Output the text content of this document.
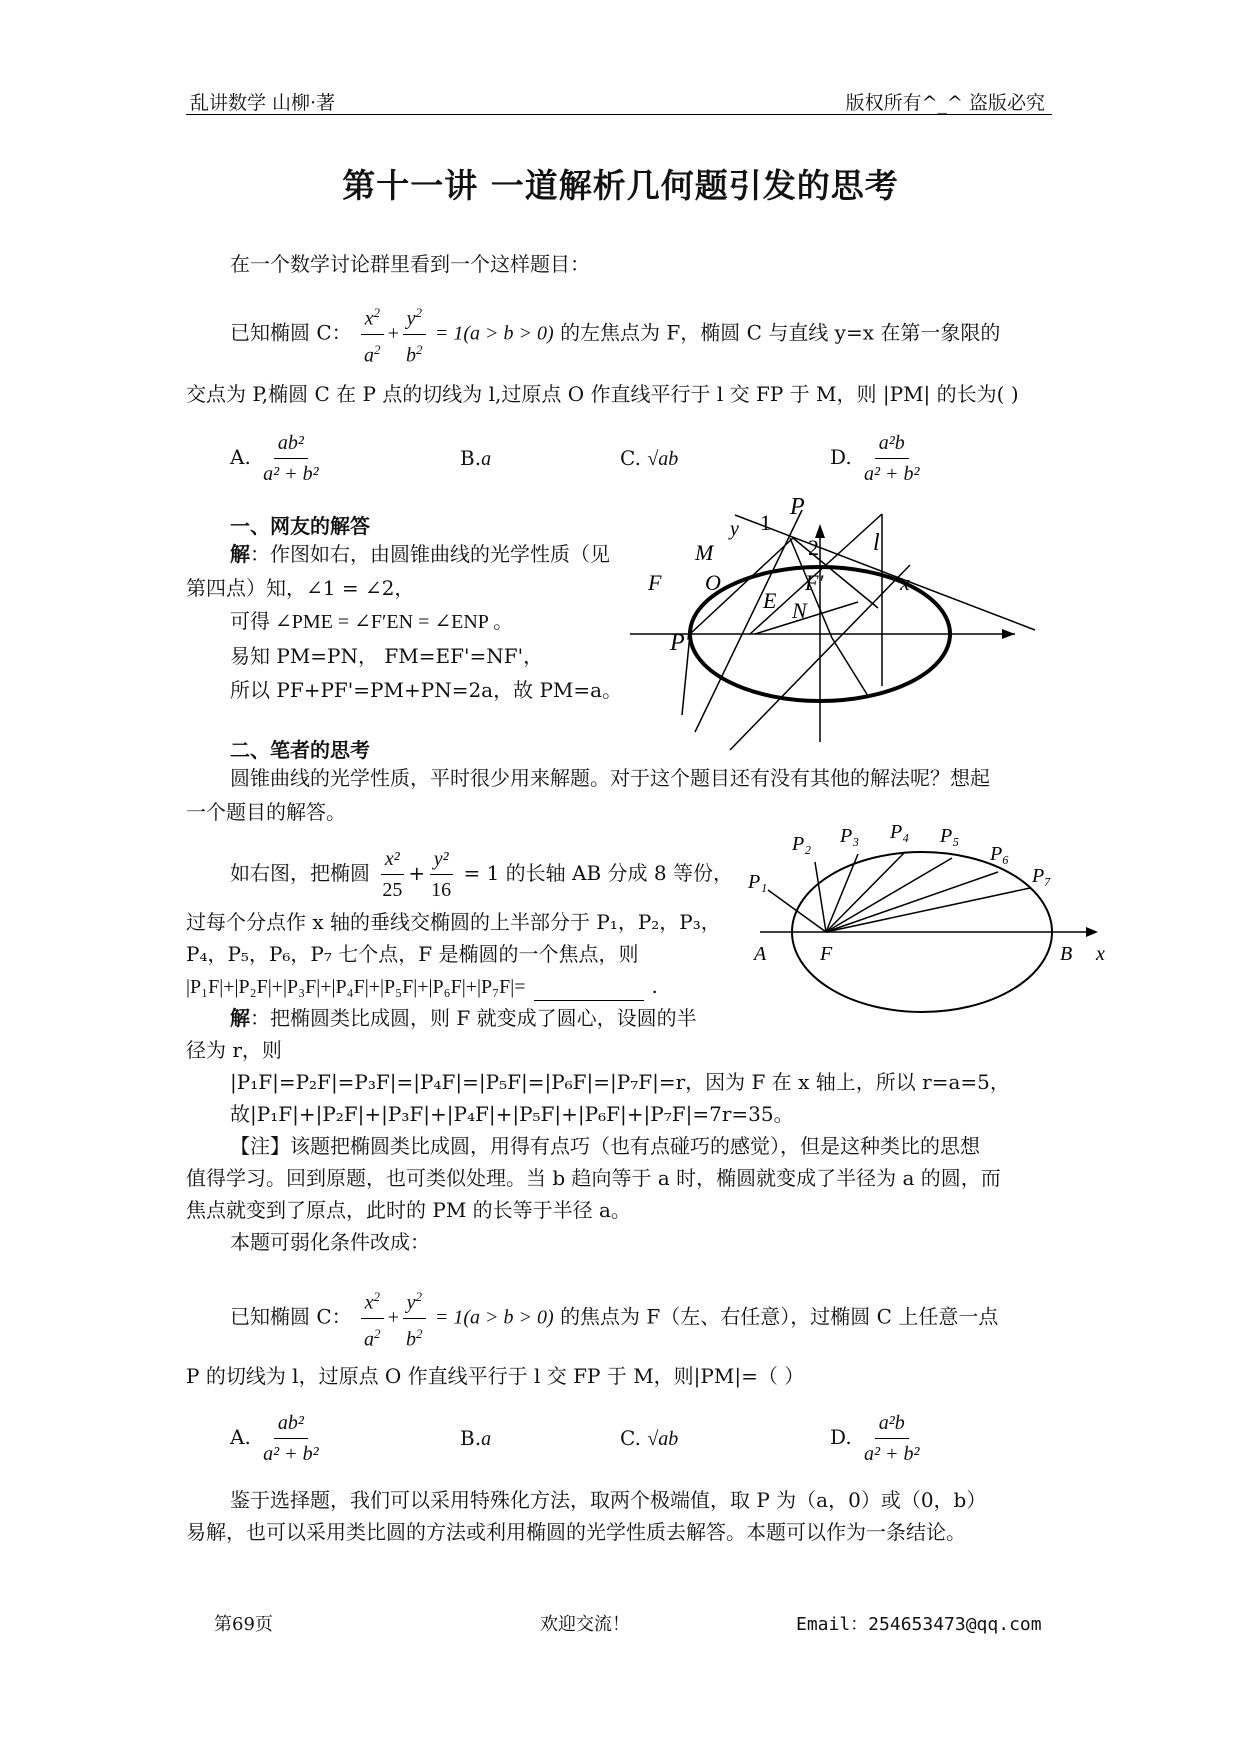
乱讲数学 山柳·著	版权所有^_^ 盗版必究
第十一讲 一道解析几何题引发的思考
在一个数学讨论群里看到一个这样题目：
已知椭圆 C： $\frac{x^2}{a^2} + \frac{y^2}{b^2} = 1(a > b > 0)$ 的左焦点为 F，椭圆 C 与直线 y=x 在第一象限的
交点为 P,椭圆 C 在 P 点的切线为 l,过原点 O 作直线平行于 l 交 FP 于 M，则 |PM| 的长为( )
A. $\frac{\text{ab²}}{\text{a² + b²}}$	B.a	C. √ab	D. $\frac{\text{a²b}}{\text{a² + b²}}$
一、网友的解答
解：作图如右，由圆锥曲线的光学性质（见
第四点）知，∠1 = ∠2，
可得 ∠PME = ∠F′EN = ∠ENP 。
易知 PM=PN， FM=EF'=NF'，
所以 PF+PF'=PM+PN=2a，故 PM=a。
y
P
l
1
2
M
F O	F′	x
E N
P′
二、笔者的思考
圆锥曲线的光学性质，平时很少用来解题。对于这个题目还有没有其他的解法呢？想起
一个题目的解答。
如右图，把椭圆 $\frac{\text{x²}}{25} + \frac{\text{y²}}{16} = 1$ 的长轴 AB 分成 8 等份，
过每个分点作 x 轴的垂线交椭圆的上半部分于 P₁，P₂，P₃，
P₄，P₅，P₆，P₇ 七个点，F 是椭圆的一个焦点，则
|P₁F|+|P₂F|+|P₃F|+|P₄F|+|P₅F|+|P₆F|+|P₇F|=	.
解：把椭圆类比成圆，则 F 就变成了圆心，设圆的半
径为 r，则
|P₁F|=P₂F|=P₃F|=|P₄F|=|P₅F|=|P₆F|=|P₇F|=r，因为 F 在 x 轴上，所以 r=a=5，
故|P₁F|+|P₂F|+|P₃F|+|P₄F|+|P₅F|+|P₆F|+|P₇F|=7r=35。
【注】该题把椭圆类比成圆，用得有点巧（也有点碰巧的感觉），但是这种类比的思想
值得学习。回到原题，也可类似处理。当 b 趋向等于 a 时，椭圆就变成了半径为 a 的圆，而
焦点就变到了原点，此时的 PM 的长等于半径 a。
本题可弱化条件改成：
P₁
P₂ P₃ P₄ P₅
P₆
P₇
A	F	B x
已知椭圆 C： $\frac{x^2}{a^2} + \frac{y^2}{b^2} = 1(a > b > 0)$ 的焦点为 F（左、右任意），过椭圆 C 上任意一点
P 的切线为 l，过原点 O 作直线平行于 l 交 FP 于 M，则|PM|=（ ）
A. $\frac{\text{ab²}}{\text{a² + b²}}$	B.a	C. √ab	D. $\frac{\text{a²b}}{\text{a² + b²}}$
鉴于选择题，我们可以采用特殊化方法，取两个极端值，取 P 为（a，0）或（0，b）
易解，也可以采用类比圆的方法或利用椭圆的光学性质去解答。本题可以作为一条结论。
第69页	欢迎交流！	Email：254653473@qq.com
